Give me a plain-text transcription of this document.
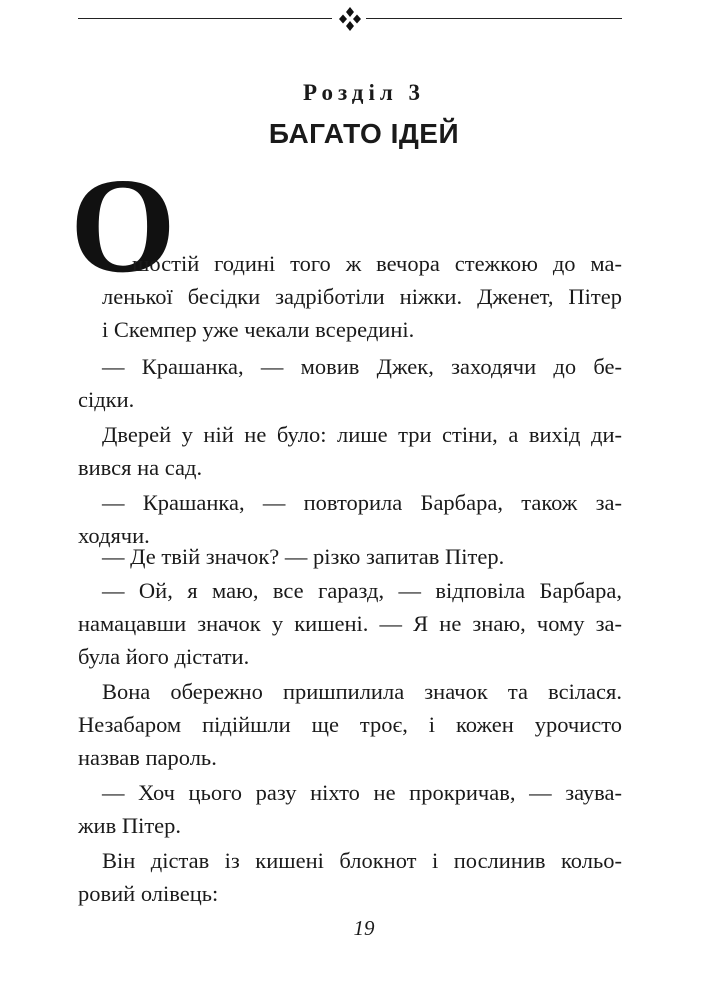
Розділ 3
БАГАТО ІДЕЙ
О
шостій годині того ж вечора стежкою до ма-
ленької бесідки задріботіли ніжки. Дженет, Пітер
і Скемпер уже чекали всередині.
— Крашанка, — мовив Джек, заходячи до бе-
сідки.
Дверей у ній не було: лише три стіни, а вихід ди-
вився на сад.
— Крашанка, — повторила Барбара, також за-
ходячи.
— Де твій значок? — різко запитав Пітер.
— Ой, я маю, все гаразд, — відповіла Барбара,
намацавши значок у кишені. — Я не знаю, чому за-
була його дістати.
Вона обережно пришпилила значок та всілася.
Незабаром підійшли ще троє, і кожен урочисто
назвав пароль.
— Хоч цього разу ніхто не прокричав, — заува-
жив Пітер.
Він дістав із кишені блокнот і послинив кольо-
ровий олівець:
19
